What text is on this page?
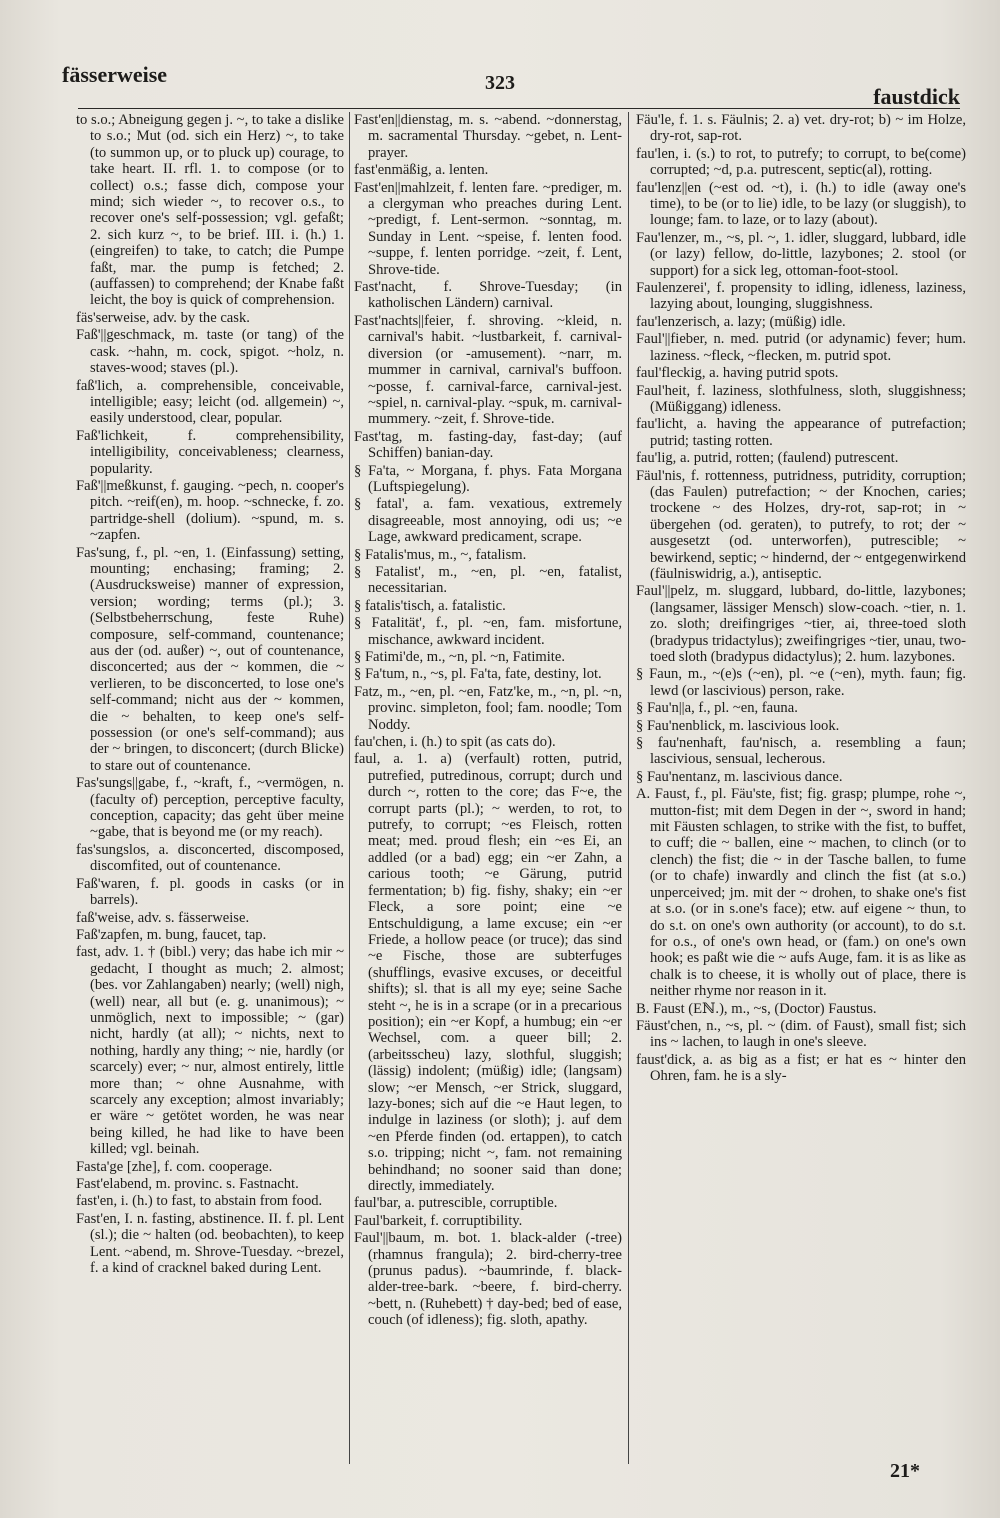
fässerweise	323
faustdick

to s.o.; Abneigung gegen j. ~, to take a dislike to s.o.; Mut (od. sich ein Herz) ~, to take (to summon up, or to pluck up) courage, to take heart. II. rfl. 1. to compose (or to collect) o.s.; fasse dich, compose your mind; sich wieder ~, to recover o.s., to recover one's self-possession; vgl. gefaßt; 2. sich kurz ~, to be brief. III. i. (h.) 1. (eingreifen) to take, to catch; die Pumpe faßt, mar. the pump is fetched; 2. (auffassen) to comprehend; der Knabe faßt leicht, the boy is quick of comprehension.

fäs'serweise, adv. by the cask.

Faß'||geschmack, m. taste (or tang) of the cask. ~hahn, m. cock, spigot. ~holz, n. staves-wood; staves (pl.).

faß'lich, a. comprehensible, conceivable, intelligible; easy; leicht (od. allgemein) ~, easily understood, clear, popular.

Faß'lichkeit, f. comprehensibility, intelligibility, conceivableness; clearness, popularity.

Faß'||meßkunst, f. gauging. ~pech, n. cooper's pitch. ~reif(en), m. hoop. ~schnecke, f. zo. partridge-shell (dolium). ~spund, m. s. ~zapfen.

Fas'sung, f., pl. ~en, 1. (Einfassung) setting, mounting; enchasing; framing; 2. (Ausdrucksweise) manner of expression, version; wording; terms (pl.); 3. (Selbstbeherrschung, feste Ruhe) composure, self-command, countenance; aus der (od. außer) ~, out of countenance, disconcerted; aus der ~ kommen, die ~ verlieren, to be disconcerted, to lose one's self-command; nicht aus der ~ kommen, die ~ behalten, to keep one's self-possession (or one's self-command); aus der ~ bringen, to disconcert; (durch Blicke) to stare out of countenance.

Fas'sungs||gabe, f., ~kraft, f., ~vermögen, n. (faculty of) perception, perceptive faculty, conception, capacity; das geht über meine ~gabe, that is beyond me (or my reach).

fas'sungslos, a. disconcerted, discomposed, discomfited, out of countenance.

Faß'waren, f. pl. goods in casks (or in barrels).

faß'weise, adv. s. fässerweise.

Faß'zapfen, m. bung, faucet, tap.

fast, adv. 1. † (bibl.) very; das habe ich mir ~ gedacht, I thought as much; 2. almost; (bes. vor Zahlangaben) nearly; (well) nigh, (well) near, all but (e. g. unanimous); ~ unmöglich, next to impossible; ~ (gar) nicht, hardly (at all); ~ nichts, next to nothing, hardly any thing; ~ nie, hardly (or scarcely) ever; ~ nur, almost entirely, little more than; ~ ohne Ausnahme, with scarcely any exception; almost invariably; er wäre ~ getötet worden, he was near being killed, he had like to have been killed; vgl. beinah.

Fasta'ge [zhe], f. com. cooperage.

Fast'elabend, m. provinc. s. Fastnacht.

fast'en, i. (h.) to fast, to abstain from food.

Fast'en, I. n. fasting, abstinence. II. f. pl. Lent (sl.); die ~ halten (od. beobachten), to keep Lent. ~abend, m. Shrove-Tuesday. ~brezel, f. a kind of cracknel baked during Lent.

Fast'en||dienstag, m. s. ~abend. ~donnerstag, m. sacramental Thursday. ~gebet, n. Lent-prayer.

fast'enmäßig, a. lenten.

Fast'en||mahlzeit, f. lenten fare. ~prediger, m. a clergyman who preaches during Lent. ~predigt, f. Lent-sermon. ~sonntag, m. Sunday in Lent. ~speise, f. lenten food. ~suppe, f. lenten porridge. ~zeit, f. Lent, Shrove-tide.

Fast'nacht, f. Shrove-Tuesday; (in katholischen Ländern) carnival.

Fast'nachts||feier, f. shroving. ~kleid, n. carnival's habit. ~lustbarkeit, f. carnival-diversion (or -amusement). ~narr, m. mummer in carnival, carnival's buffoon. ~posse, f. carnival-farce, carnival-jest. ~spiel, n. carnival-play. ~spuk, m. carnival-mummery. ~zeit, f. Shrove-tide.

Fast'tag, m. fasting-day, fast-day; (auf Schiffen) banian-day.

§ Fa'ta, ~ Morgana, f. phys. Fata Morgana (Luftspiegelung).

§ fatal', a. fam. vexatious, extremely disagreeable, most annoying, odi us; ~e Lage, awkward predicament, scrape.

§ Fatalis'mus, m., ~, fatalism.

§ Fatalist', m., ~en, pl. ~en, fatalist, necessitarian.

§ fatalis'tisch, a. fatalistic.

§ Fatalität', f., pl. ~en, fam. misfortune, mischance, awkward incident.

§ Fatimi'de, m., ~n, pl. ~n, Fatimite.

§ Fa'tum, n., ~s, pl. Fa'ta, fate, destiny, lot.

Fatz, m., ~en, pl. ~en, Fatz'ke, m., ~n, pl. ~n, provinc. simpleton, fool; fam. noodle; Tom Noddy.

fau'chen, i. (h.) to spit (as cats do).

faul, a. 1. a) (verfault) rotten, putrid, putrefied, putredinous, corrupt; durch und durch ~, rotten to the core; das F~e, the corrupt parts (pl.); ~ werden, to rot, to putrefy, to corrupt; ~es Fleisch, rotten meat; med. proud flesh; ein ~es Ei, an addled (or a bad) egg; ein ~er Zahn, a carious tooth; ~e Gärung, putrid fermentation; b) fig. fishy, shaky; ein ~er Fleck, a sore point; eine ~e Entschuldigung, a lame excuse; ein ~er Friede, a hollow peace (or truce); das sind ~e Fische, those are subterfuges (shufflings, evasive excuses, or deceitful shifts); sl. that is all my eye; seine Sache steht ~, he is in a scrape (or in a precarious position); ein ~er Kopf, a humbug; ein ~er Wechsel, com. a queer bill; 2. (arbeitsscheu) lazy, slothful, sluggish; (lässig) indolent; (müßig) idle; (langsam) slow; ~er Mensch, ~er Strick, sluggard, lazy-bones; sich auf die ~e Haut legen, to indulge in laziness (or sloth); j. auf dem ~en Pferde finden (od. ertappen), to catch s.o. tripping; nicht ~, fam. not remaining behindhand; no sooner said than done; directly, immediately.

faul'bar, a. putrescible, corruptible.

Faul'barkeit, f. corruptibility.

Faul'||baum, m. bot. 1. black-alder (-tree) (rhamnus frangula); 2. bird-cherry-tree (prunus padus). ~baumrinde, f. black-alder-tree-bark. ~beere, f. bird-cherry. ~bett, n. (Ruhebett) † day-bed; bed of ease, couch (of idleness); fig. sloth, apathy.

Fäu'le, f. 1. s. Fäulnis; 2. a) vet. dry-rot; b) ~ im Holze, dry-rot, sap-rot.

fau'len, i. (s.) to rot, to putrefy; to corrupt, to be(come) corrupted; ~d, p.a. putrescent, septic(al), rotting.

fau'lenz||en (~est od. ~t), i. (h.) to idle (away one's time), to be (or to lie) idle, to be lazy (or sluggish), to lounge; fam. to laze, or to lazy (about).

Fau'lenzer, m., ~s, pl. ~, 1. idler, sluggard, lubbard, idle (or lazy) fellow, do-little, lazybones; 2. stool (or support) for a sick leg, ottoman-foot-stool.

Faulenzerei', f. propensity to idling, idleness, laziness, lazying about, lounging, sluggishness.

fau'lenzerisch, a. lazy; (müßig) idle.

Faul'||fieber, n. med. putrid (or adynamic) fever; hum. laziness. ~fleck, ~flecken, m. putrid spot.

faul'fleckig, a. having putrid spots.

Faul'heit, f. laziness, slothfulness, sloth, sluggishness; (Müßiggang) idleness.

fau'licht, a. having the appearance of putrefaction; putrid; tasting rotten.

fau'lig, a. putrid, rotten; (faulend) putrescent.

Fäul'nis, f. rottenness, putridness, putridity, corruption; (das Faulen) putrefaction; ~ der Knochen, caries; trockene ~ des Holzes, dry-rot, sap-rot; in ~ übergehen (od. geraten), to putrefy, to rot; der ~ ausgesetzt (od. unterworfen), putrescible; ~ bewirkend, septic; ~ hindernd, der ~ entgegenwirkend (fäulniswidrig, a.), antiseptic.

Faul'||pelz, m. sluggard, lubbard, do-little, lazybones; (langsamer, lässiger Mensch) slow-coach. ~tier, n. 1. zo. sloth; dreifingriges ~tier, ai, three-toed sloth (bradypus tridactylus); zweifingriges ~tier, unau, two-toed sloth (bradypus didactylus); 2. hum. lazybones.

§ Faun, m., ~(e)s (~en), pl. ~e (~en), myth. faun; fig. lewd (or lascivious) person, rake.

§ Fau'n||a, f., pl. ~en, fauna.

§ Fau'nenblick, m. lascivious look.

§ fau'nenhaft, fau'nisch, a. resembling a faun; lascivious, sensual, lecherous.

§ Fau'nentanz, m. lascivious dance.

A. Faust, f., pl. Fäu'ste, fist; fig. grasp; plumpe, rohe ~, mutton-fist; mit dem Degen in der ~, sword in hand; mit Fäusten schlagen, to strike with the fist, to buffet, to cuff; die ~ ballen, eine ~ machen, to clinch (or to clench) the fist; die ~ in der Tasche ballen, to fume (or to chafe) inwardly and clinch the fist (at s.o.) unperceived; jm. mit der ~ drohen, to shake one's fist at s.o. (or in s.one's face); etw. auf eigene ~ thun, to do s.t. on one's own authority (or account), to do s.t. for o.s., of one's own head, or (fam.) on one's own hook; es paßt wie die ~ aufs Auge, fam. it is as like as chalk is to cheese, it is wholly out of place, there is neither rhyme nor reason in it.

B. Faust (Eℕ.), m., ~s, (Doctor) Faustus.

Fäust'chen, n., ~s, pl. ~ (dim. of Faust), small fist; sich ins ~ lachen, to laugh in one's sleeve.

faust'dick, a. as big as a fist; er hat es ~ hinter den Ohren, fam. he is a sly-

21*
